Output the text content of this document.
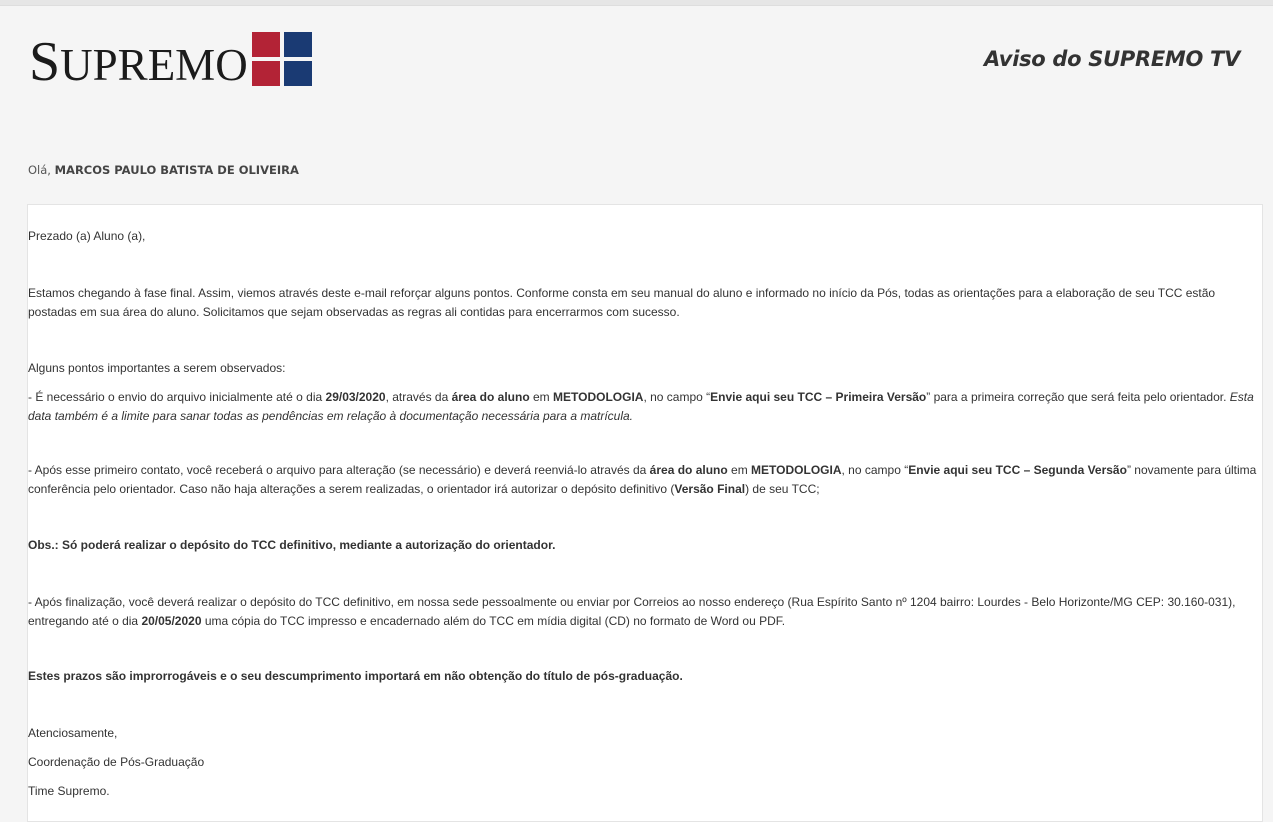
SUPREMO	Aviso do SUPREMO TV
Olá, MARCOS PAULO BATISTA DE OLIVEIRA
Prezado (a) Aluno (a),
Estamos chegando à fase final. Assim, viemos através deste e-mail reforçar alguns pontos. Conforme consta em seu manual do aluno e informado no início da Pós, todas as orientações para a elaboração de seu TCC estão postadas em sua área do aluno. Solicitamos que sejam observadas as regras ali contidas para encerrarmos com sucesso.
Alguns pontos importantes a serem observados:
- É necessário o envio do arquivo inicialmente até o dia 29/03/2020, através da área do aluno em METODOLOGIA, no campo “Envie aqui seu TCC – Primeira Versão” para a primeira correção que será feita pelo orientador. Esta data também é a limite para sanar todas as pendências em relação à documentação necessária para a matrícula.
- Após esse primeiro contato, você receberá o arquivo para alteração (se necessário) e deverá reenviá-lo através da área do aluno em METODOLOGIA, no campo “Envie aqui seu TCC – Segunda Versão” novamente para última conferência pelo orientador. Caso não haja alterações a serem realizadas, o orientador irá autorizar o depósito definitivo (Versão Final) de seu TCC;
Obs.: Só poderá realizar o depósito do TCC definitivo, mediante a autorização do orientador.
- Após finalização, você deverá realizar o depósito do TCC definitivo, em nossa sede pessoalmente ou enviar por Correios ao nosso endereço (Rua Espírito Santo nº 1204 bairro: Lourdes - Belo Horizonte/MG CEP: 30.160-031), entregando até o dia 20/05/2020 uma cópia do TCC impresso e encadernado além do TCC em mídia digital (CD) no formato de Word ou PDF.
Estes prazos são improrrogáveis e o seu descumprimento importará em não obtenção do título de pós-graduação.
Atenciosamente,
Coordenação de Pós-Graduação
Time Supremo.
